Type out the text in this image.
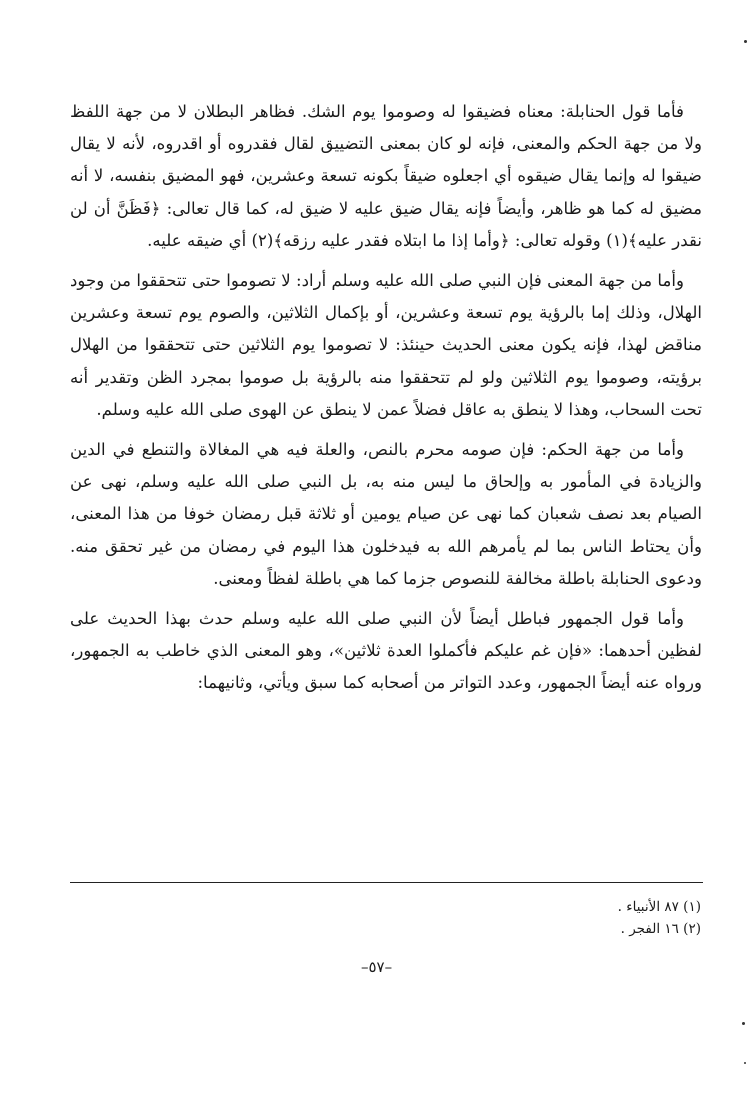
فأما قول الحنابلة: معناه فضيقوا له وصوموا يوم الشك. فظاهر البطلان لا من جهة اللفظ ولا من جهة الحكم والمعنى، فإنه لو كان بمعنى التضييق لقال فقدروه أو اقدروه، لأنه لا يقال ضيقوا له وإنما يقال ضيقوه أي اجعلوه ضيقاً بكونه تسعة وعشرين، فهو المضيق بنفسه، لا أنه مضيق له كما هو ظاهر، وأيضاً فإنه يقال ضيق عليه لا ضيق له، كما قال تعالى: ﴿فَظَنَّ أن لن نقدر عليه﴾(١) وقوله تعالى: ﴿وأما إذا ما ابتلاه فقدر عليه رزقه﴾(٢) أي ضيقه عليه.

وأما من جهة المعنى فإن النبي صلى الله عليه وسلم أراد: لا تصوموا حتى تتحققوا من وجود الهلال، وذلك إما بالرؤية يوم تسعة وعشرين، أو بإكمال الثلاثين، والصوم يوم تسعة وعشرين مناقض لهذا، فإنه يكون معنى الحديث حينئذ: لا تصوموا يوم الثلاثين حتى تتحققوا من الهلال برؤيته، وصوموا يوم الثلاثين ولو لم تتحققوا منه بالرؤية بل صوموا بمجرد الظن وتقدير أنه تحت السحاب، وهذا لا ينطق به عاقل فضلاً عمن لا ينطق عن الهوى صلى الله عليه وسلم.

وأما من جهة الحكم: فإن صومه محرم بالنص، والعلة فيه هي المغالاة والتنطع في الدين والزيادة في المأمور به وإلحاق ما ليس منه به، بل النبي صلى الله عليه وسلم، نهى عن الصيام بعد نصف شعبان كما نهى عن صيام يومين أو ثلاثة قبل رمضان خوفا من هذا المعنى، وأن يحتاط الناس بما لم يأمرهم الله به فيدخلون هذا اليوم في رمضان من غير تحقق منه. ودعوى الحنابلة باطلة مخالفة للنصوص جزما كما هي باطلة لفظاً ومعنى.

وأما قول الجمهور فباطل أيضاً لأن النبي صلى الله عليه وسلم حدث بهذا الحديث على لفظين أحدهما: «فإن غم عليكم فأكملوا العدة ثلاثين»، وهو المعنى الذي خاطب به الجمهور، ورواه عنه أيضاً الجمهور، وعدد التواتر من أصحابه كما سبق ويأتي، وثانيهما:

(١) ٨٧ الأنبياء .
(٢) ١٦ الفجر .
–٥٧–
